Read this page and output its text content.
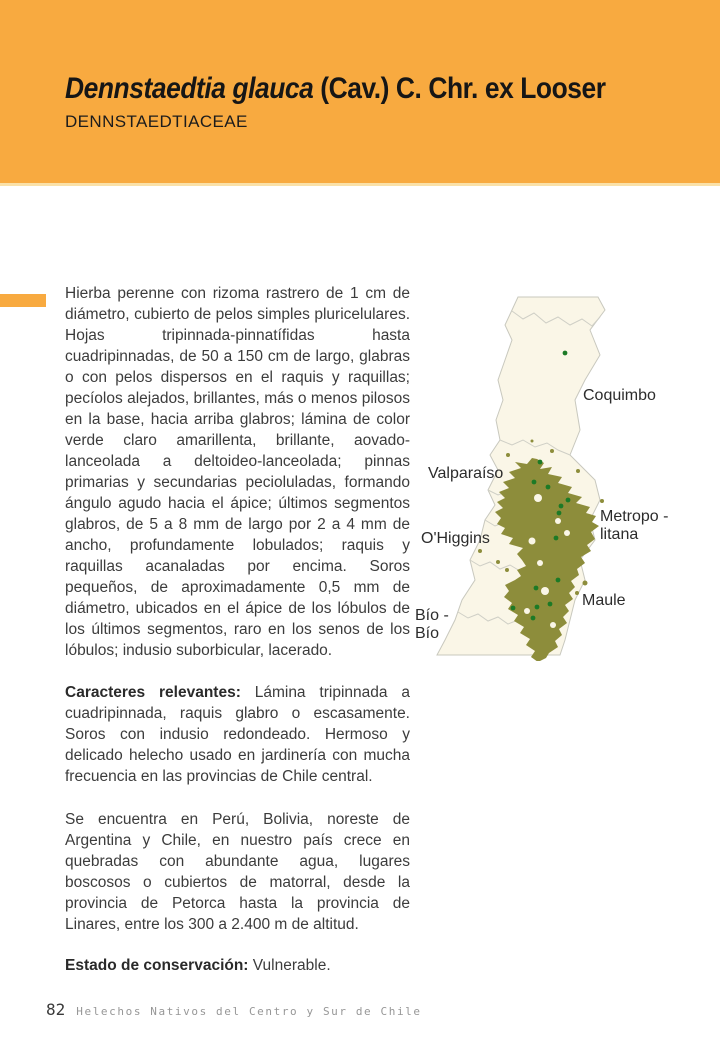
Dennstaedtia glauca (Cav.) C. Chr. ex Looser
DENNSTAEDTIACEAE

Hierba perenne con rizoma rastrero de 1 cm de diámetro, cubierto de pelos simples pluricelulares. Hojas tripinnada-pinnatífidas hasta cuadripinnadas, de 50 a 150 cm de largo, glabras o con pelos dispersos en el raquis y raquillas; pecíolos alejados, brillantes, más o menos pilosos en la base, hacia arriba glabros; lámina de color verde claro amarillenta, brillante, aovado-lanceolada a deltoideo-lanceolada; pinnas primarias y secundarias pecioluladas, formando ángulo agudo hacia el ápice; últimos segmentos glabros, de 5 a 8 mm de largo por 2 a 4 mm de ancho, profundamente lobulados; raquis y raquillas acanaladas por encima. Soros pequeños, de aproximadamente 0,5 mm de diámetro, ubicados en el ápice de los lóbulos de los últimos segmentos, raro en los senos de los lóbulos; indusio suborbicular, lacerado.

Caracteres relevantes: Lámina tripinnada a cuadripinnada, raquis glabro o escasamente. Soros con indusio redondeado. Hermoso y delicado helecho usado en jardinería con mucha frecuencia en las provincias de Chile central.

Se encuentra en Perú, Bolivia, noreste de Argentina y Chile, en nuestro país crece en quebradas con abundante agua, lugares boscosos o cubiertos de matorral, desde la provincia de Petorca hasta la provincia de Linares, entre los 300 a 2.400 m de altitud.

Estado de conservación: Vulnerable.

Coquimbo
Valparaíso
Metropo -
litana
O'Higgins
Maule
Bío -
Bío
82 Helechos Nativos del Centro y Sur de Chile
